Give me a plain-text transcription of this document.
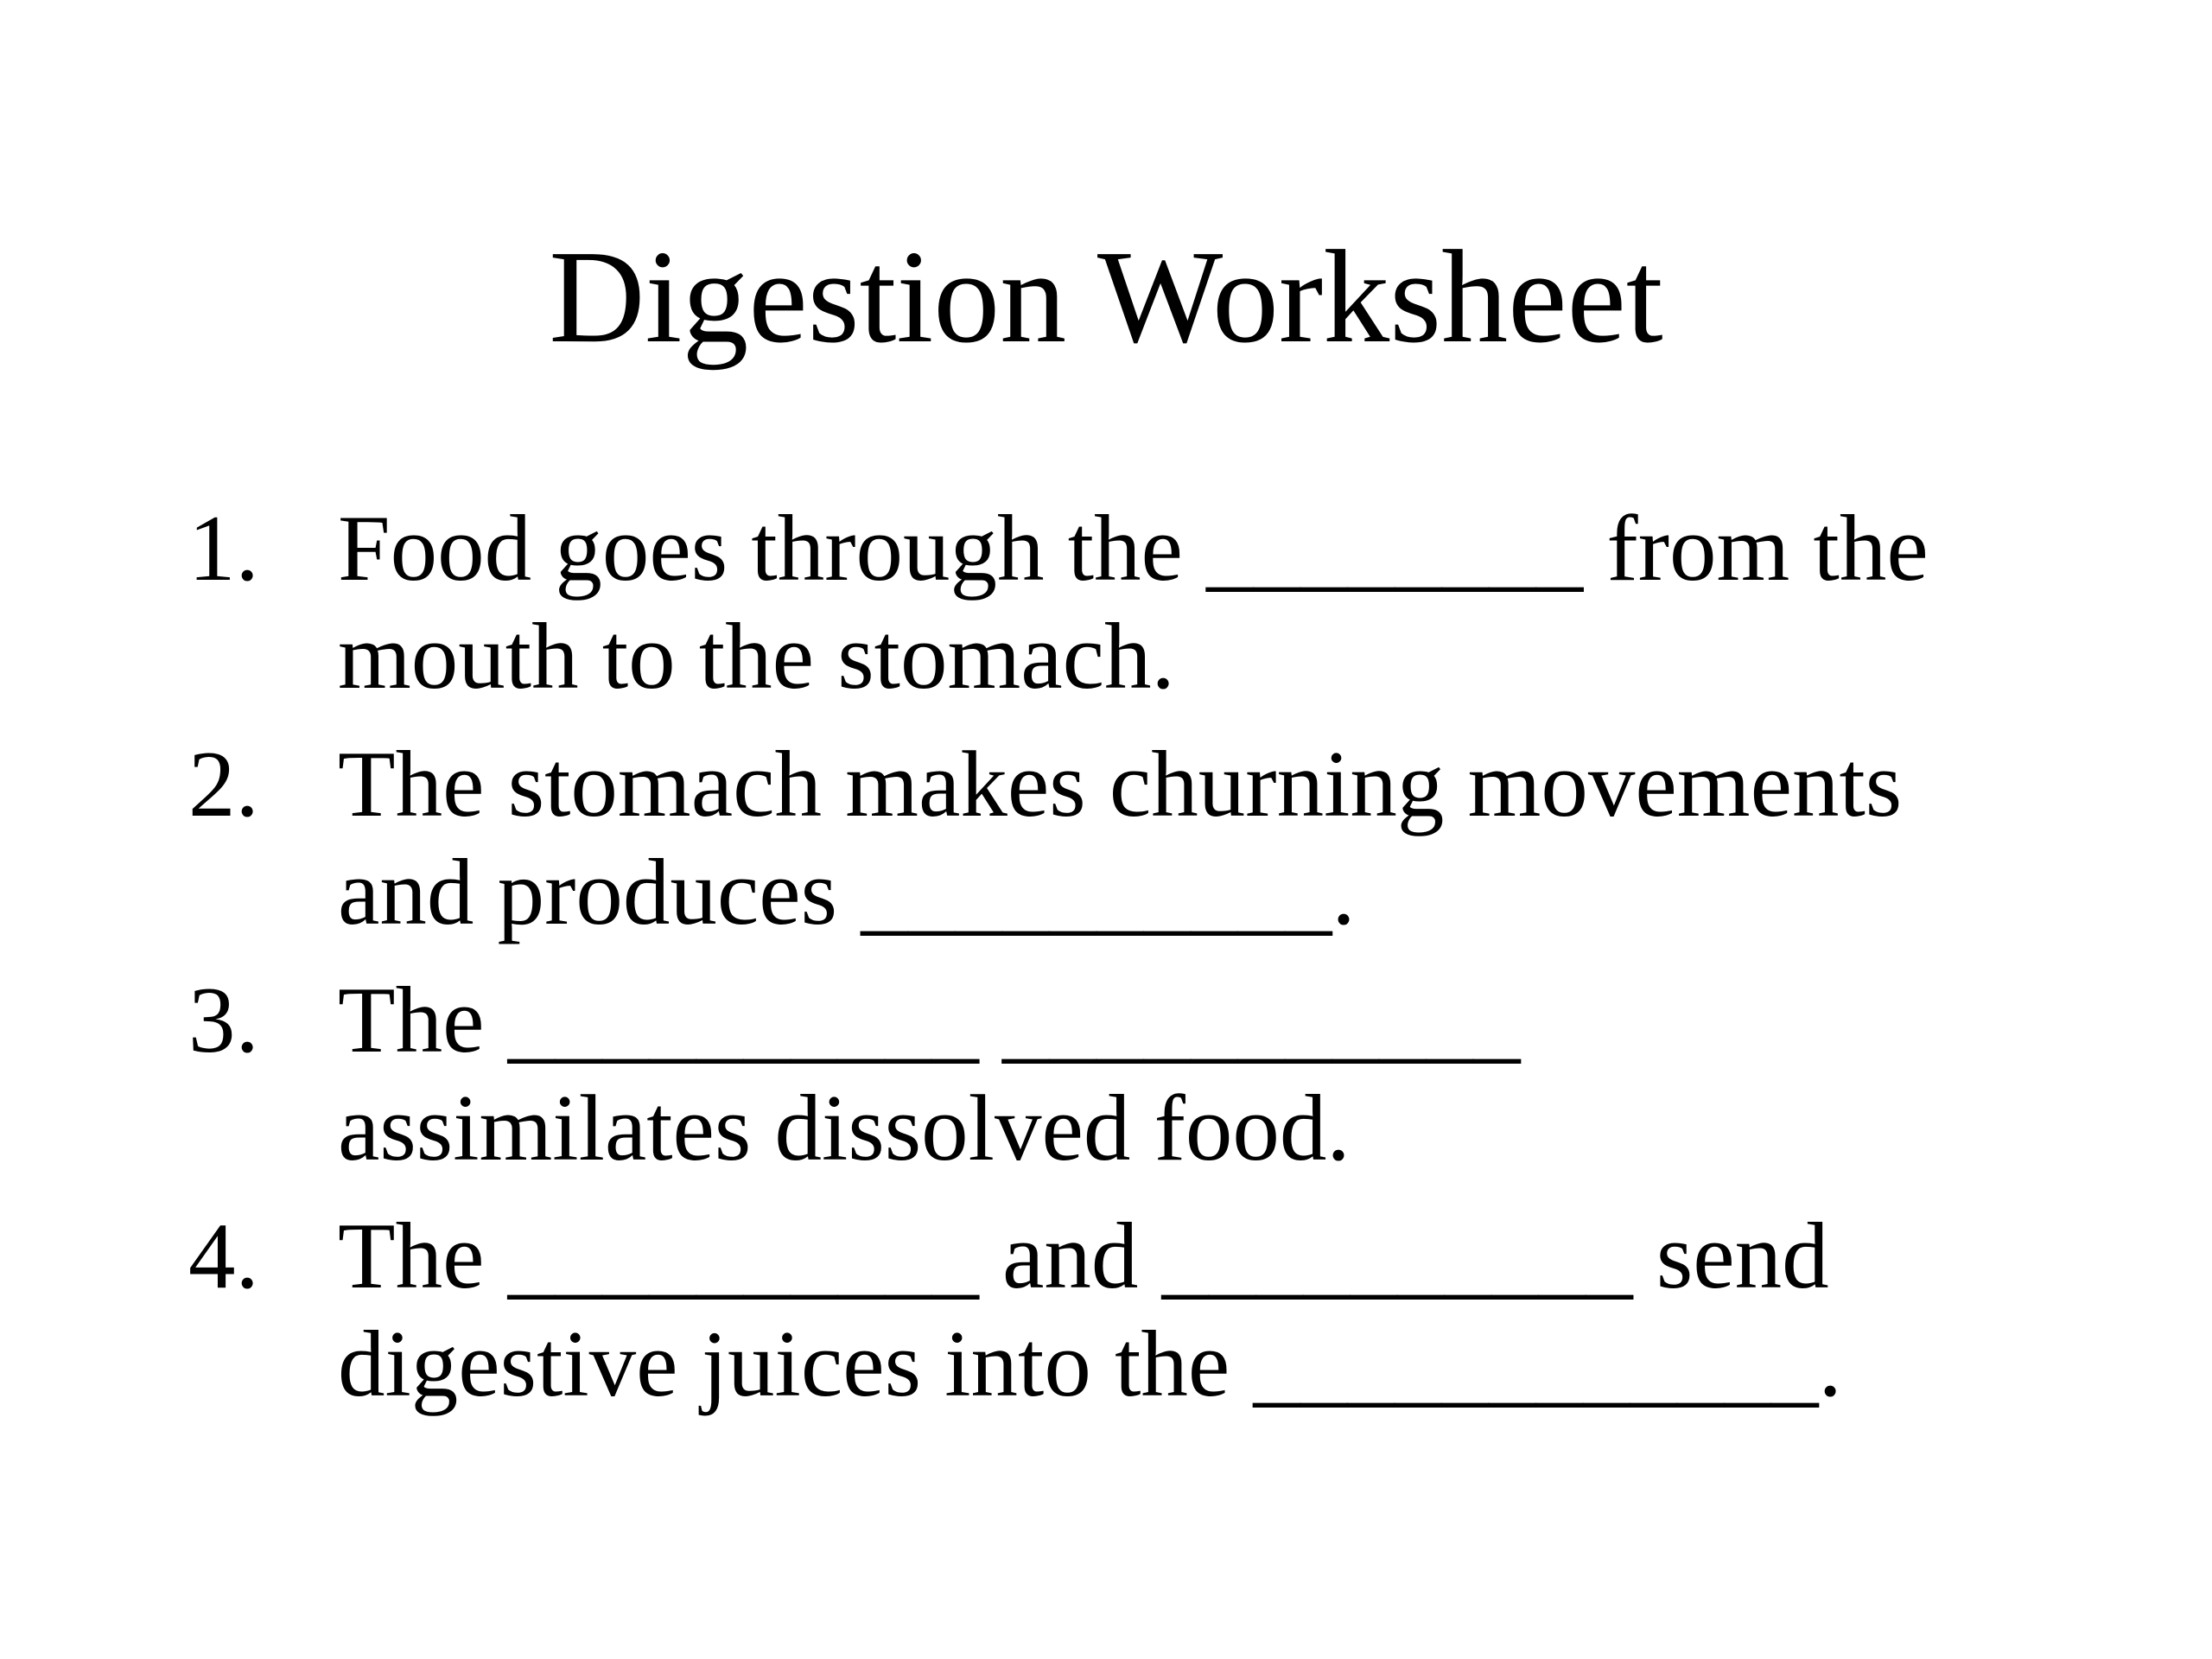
Digestion Worksheet
1. Food goes through the ________ from the
mouth to the stomach.
2. The stomach makes churning movements
and produces __________.
3. The __________ ___________
assimilates dissolved food.
4. The __________ and __________ send
digestive juices into the ____________.
